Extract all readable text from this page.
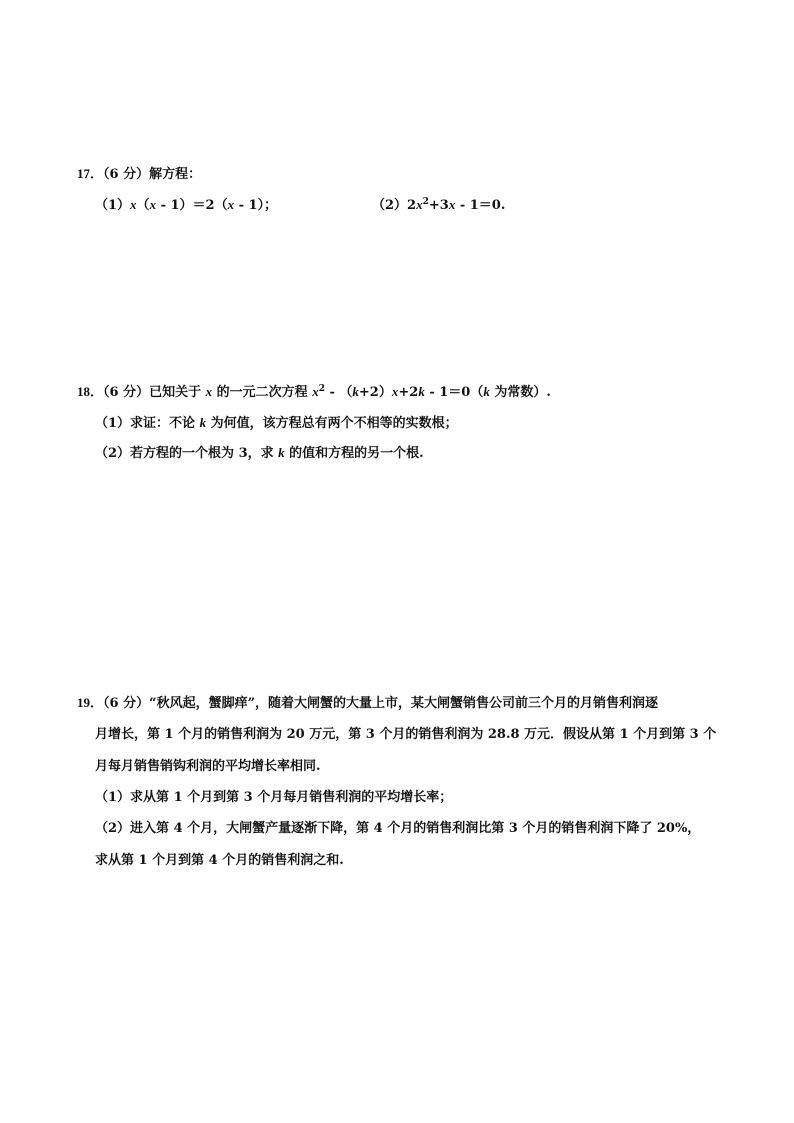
17．（6 分）解方程：
（1）x（x - 1）＝2（x - 1）；	$(2)2x^2+3x - 1=0$.
18．（6 分）已知关于 x 的一元二次方程 $x^2 - (k+2)x+2k - 1=0(k$ 为常数）.
（1）求证：不论 k 为何值，该方程总有两个不相等的实数根；
（2）若方程的一个根为 3，求 k 的值和方程的另一个根.
19．（6 分）“秋风起，蟹脚痒”，随着大闸蟹的大量上市，某大闸蟹销售公司前三个月的月销售利润逐
月增长，第 1 个月的销售利润为 20 万元，第 3 个月的销售利润为 28.8 万元．假设从第 1 个月到第 3 个
月每月销售销钩利润的平均增长率相同.
（1）求从第 1 个月到第 3 个月每月销售利润的平均增长率；
（2）进入第 4 个月，大闸蟹产量逐渐下降，第 4 个月的销售利润比第 3 个月的销售利润下降了 20%，
求从第 1 个月到第 4 个月的销售利润之和.
